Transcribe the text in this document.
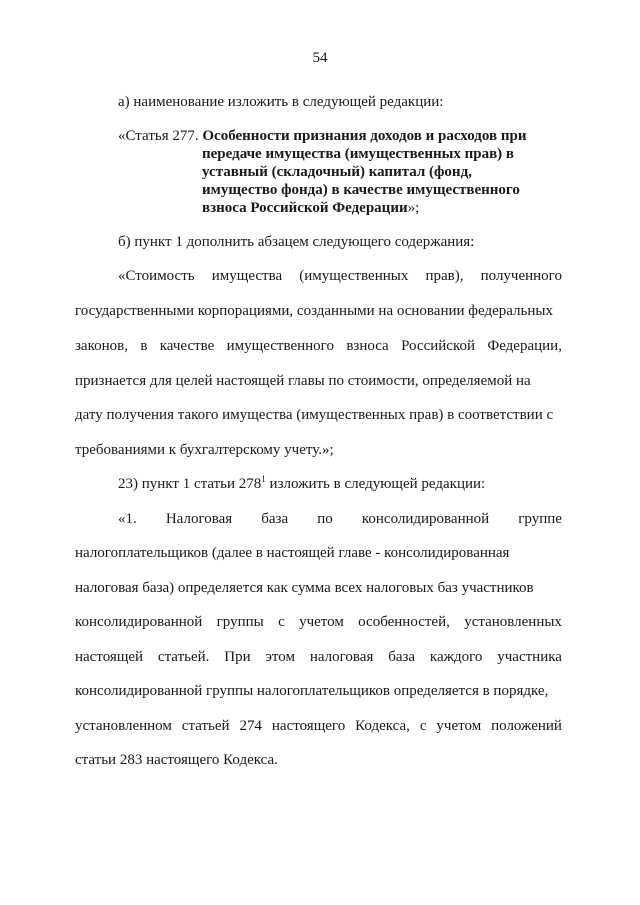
54
а) наименование изложить в следующей редакции:
«Статья 277. Особенности признания доходов и расходов при
передаче имущества (имущественных прав) в
уставный (складочный) капитал (фонд,
имущество фонда) в качестве имущественного
взноса Российской Федерации»;
б) пункт 1 дополнить абзацем следующего содержания:
«Стоимость имущества (имущественных прав), полученного
государственными корпорациями, созданными на основании федеральных
законов, в качестве имущественного взноса Российской Федерации,
признается для целей настоящей главы по стоимости, определяемой на
дату получения такого имущества (имущественных прав) в соответствии с
требованиями к бухгалтерскому учету.»;
23) пункт 1 статьи $278^1$ изложить в следующей редакции:
«1. Налоговая база по консолидированной группе
налогоплательщиков (далее в настоящей главе - консолидированная
налоговая база) определяется как сумма всех налоговых баз участников
консолидированной группы с учетом особенностей, установленных
настоящей статьей. При этом налоговая база каждого участника
консолидированной группы налогоплательщиков определяется в порядке,
установленном статьей 274 настоящего Кодекса, с учетом положений
статьи 283 настоящего Кодекса.
